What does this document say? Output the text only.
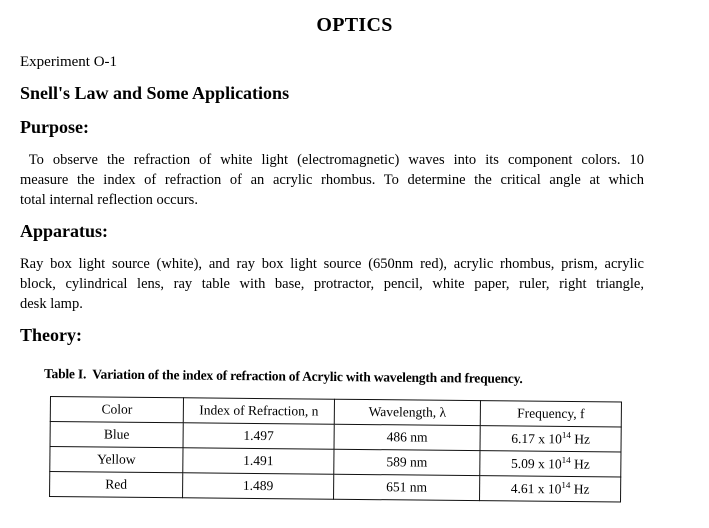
OPTICS
Experiment O-1
Snell's Law and Some Applications
Purpose:
To observe the refraction of white light (electromagnetic) waves into its component colors. 10
measure the index of refraction of an acrylic rhombus. To determine the critical angle at which
total internal reflection occurs.
Apparatus:
Ray box light source (white), and ray box light source (650nm red), acrylic rhombus, prism, acrylic
block, cylindrical lens, ray table with base, protractor, pencil, white paper, ruler, right triangle,
desk lamp.
Theory:
Table I.  Variation of the index of refraction of Acrylic with wavelength and frequency.
Color	Index of Refraction, n	Wavelength, λ	Frequency, f
Blue	1.497	486 nm	6.17 x $10^{14}$ Hz
Yellow	1.491	589 nm	5.09 x $10^{14}$ Hz
Red	1.489	651 nm	4.61 x $10^{14}$ Hz
